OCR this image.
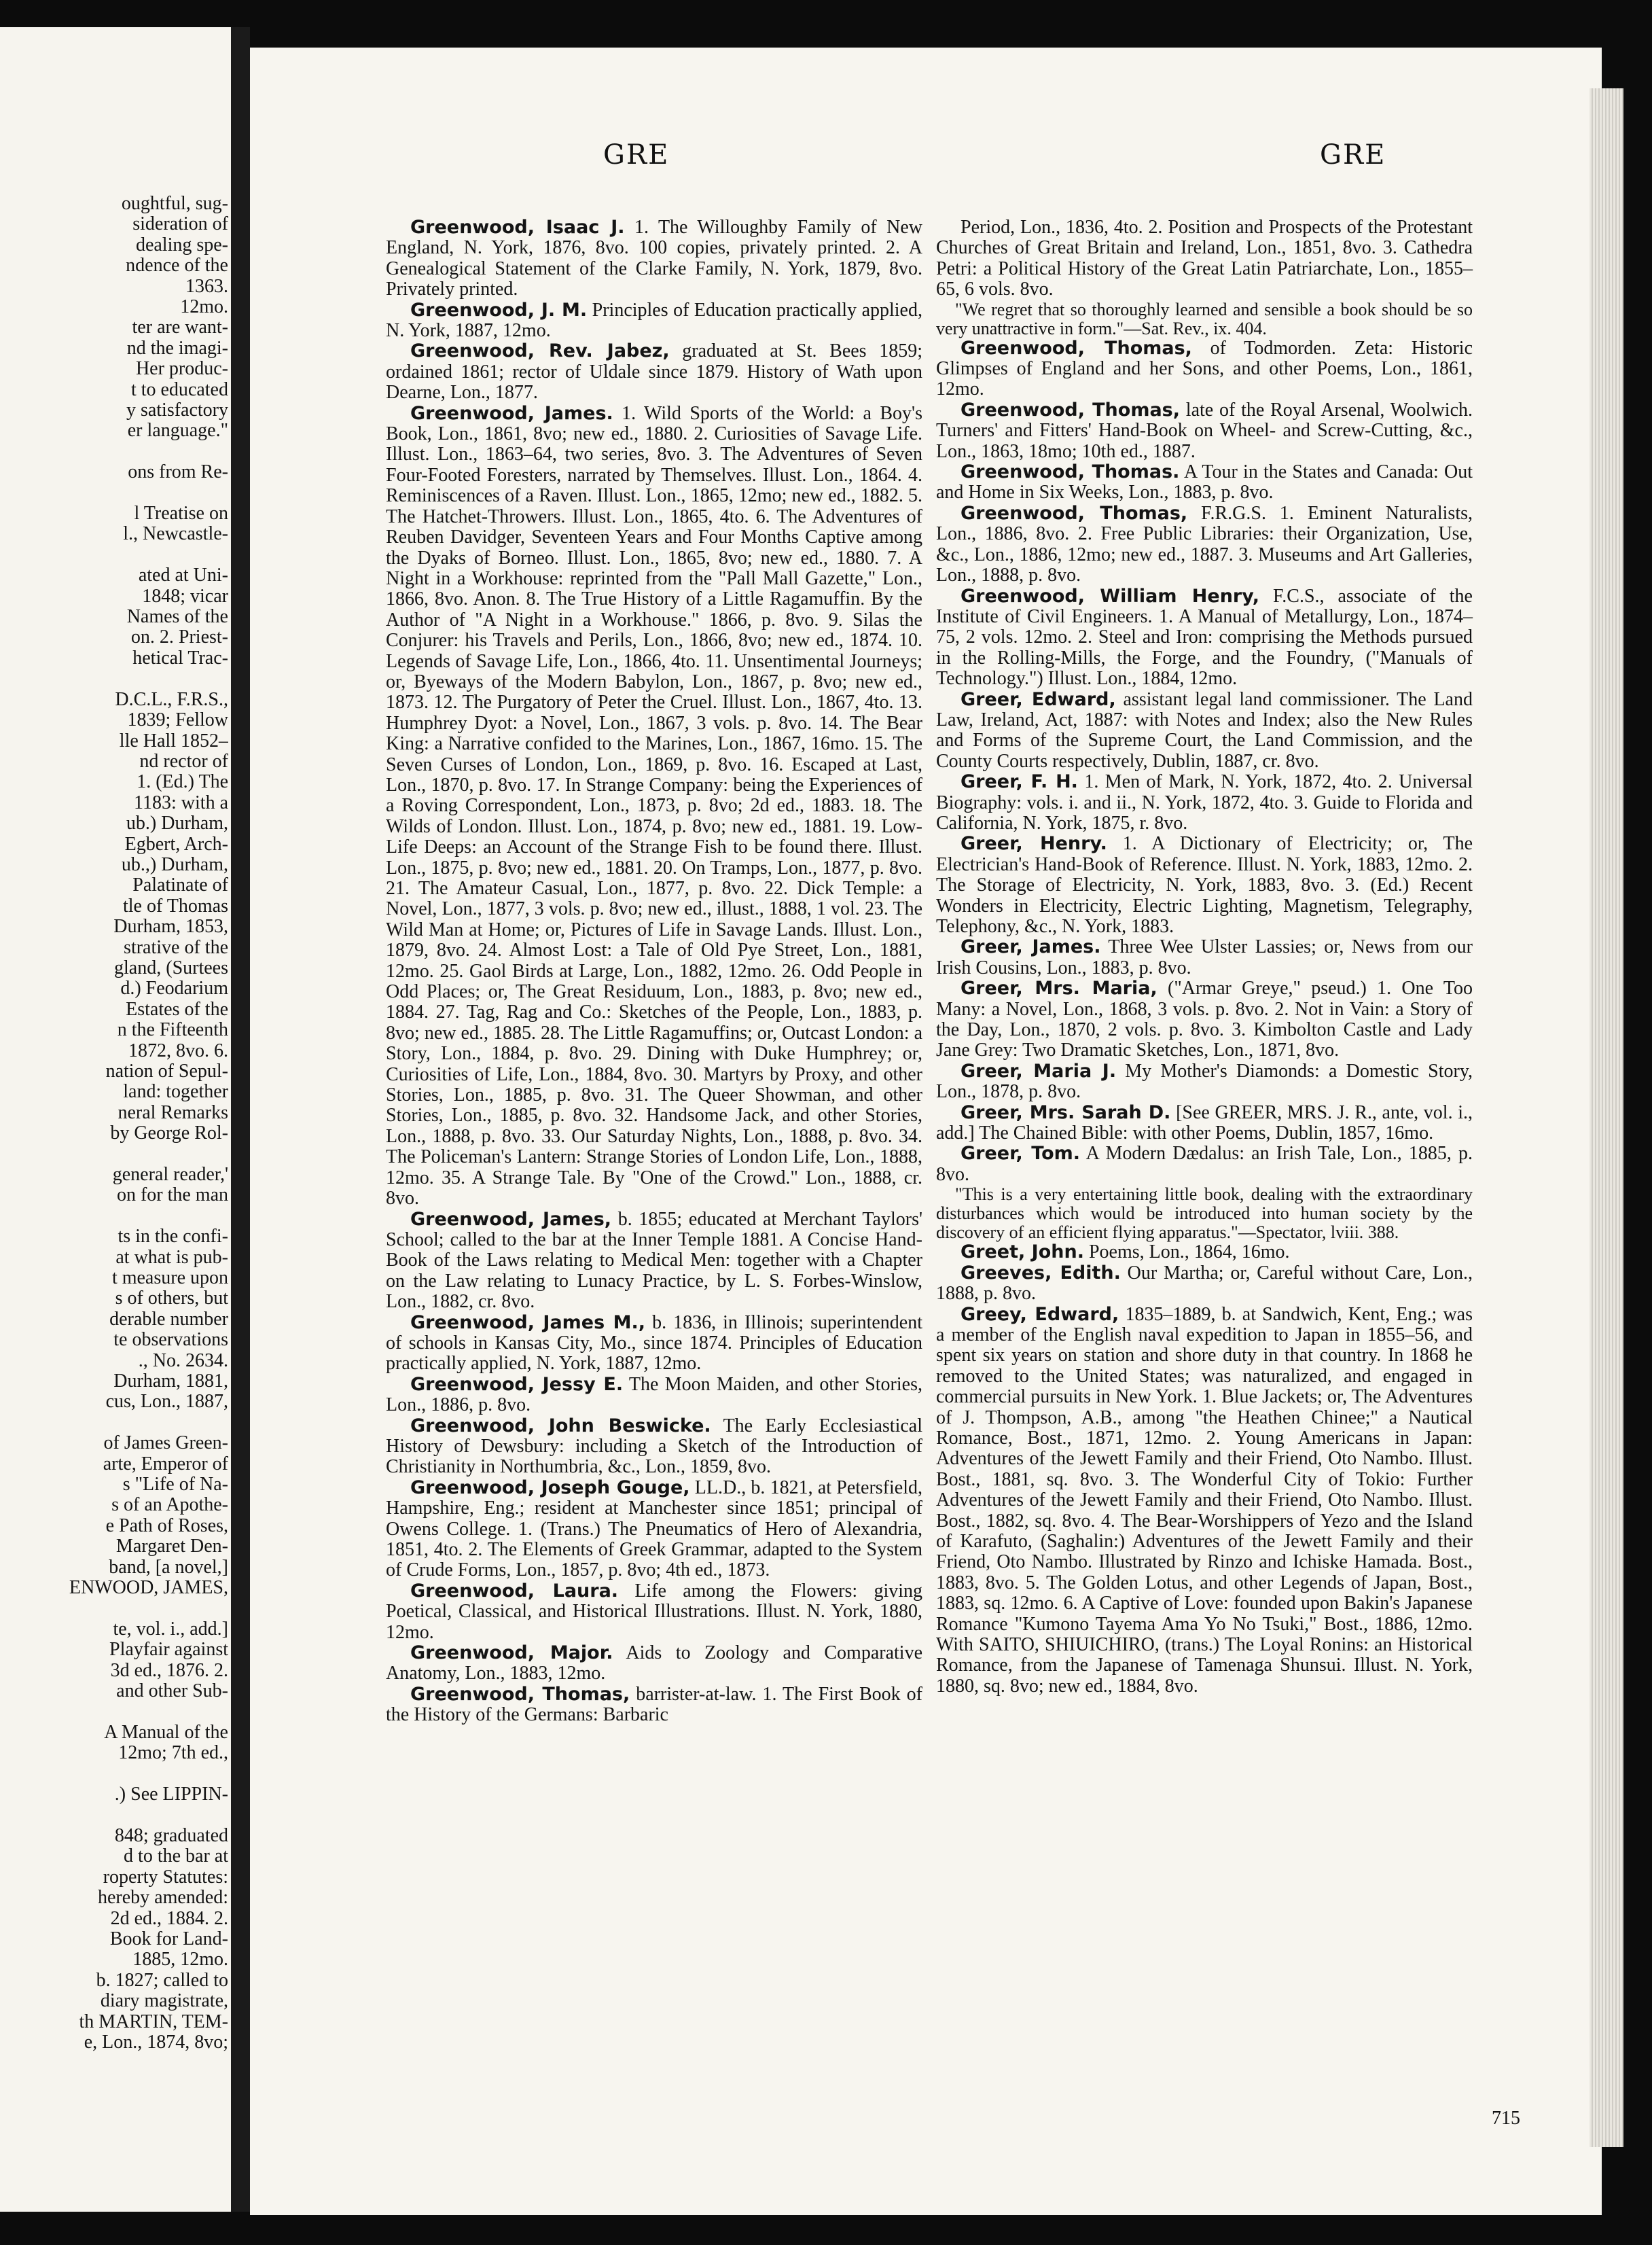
oughtful, sug-
sideration of
dealing spe-
ndence of the
1363.
12mo.
ter are want-
nd the imagi-
Her produc-
t to educated
y satisfactory
er language."
ons from Re-
l Treatise on
l., Newcastle-
ated at Uni-
1848; vicar
Names of the
on. 2. Priest-
hetical Trac-
D.C.L., F.R.S.,
1839; Fellow
lle Hall 1852–
nd rector of
1. (Ed.) The
1183: with a
ub.) Durham,
Egbert, Arch-
ub.,) Durham,
Palatinate of
tle of Thomas
Durham, 1853,
strative of the
gland, (Surtees
d.) Feodarium
Estates of the
n the Fifteenth
1872, 8vo. 6.
nation of Sepul-
land: together
neral Remarks
by George Rol-
general reader,'
on for the man
ts in the confi-
at what is pub-
t measure upon
s of others, but
derable number
te observations
., No. 2634.
Durham, 1881,
cus, Lon., 1887,
of James Green-
arte, Emperor of
s "Life of Na-
s of an Apothe-
e Path of Roses,
Margaret Den-
band, [a novel,]
ENWOOD, JAMES,
te, vol. i., add.]
Playfair against
3d ed., 1876. 2.
and other Sub-
A Manual of the
12mo; 7th ed.,
.) See LIPPIN-
848; graduated
d to the bar at
roperty Statutes:
hereby amended:
2d ed., 1884. 2.
Book for Land-
1885, 12mo.
b. 1827; called to
diary magistrate,
th MARTIN, TEM-
e, Lon., 1874, 8vo;
GRE	GRE

Greenwood, Isaac J. 1. The Willoughby Family of New England, N. York, 1876, 8vo. 100 copies, privately printed. 2. A Genealogical Statement of the Clarke Family, N. York, 1879, 8vo. Privately printed.

Greenwood, J. M. Principles of Education practically applied, N. York, 1887, 12mo.

Greenwood, Rev. Jabez, graduated at St. Bees 1859; ordained 1861; rector of Uldale since 1879. History of Wath upon Dearne, Lon., 1877.

Greenwood, James. 1. Wild Sports of the World: a Boy's Book, Lon., 1861, 8vo; new ed., 1880. 2. Curiosities of Savage Life. Illust. Lon., 1863–64, two series, 8vo. 3. The Adventures of Seven Four-Footed Foresters, narrated by Themselves. Illust. Lon., 1864. 4. Reminiscences of a Raven. Illust. Lon., 1865, 12mo; new ed., 1882. 5. The Hatchet-Throwers. Illust. Lon., 1865, 4to. 6. The Adventures of Reuben Davidger, Seventeen Years and Four Months Captive among the Dyaks of Borneo. Illust. Lon., 1865, 8vo; new ed., 1880. 7. A Night in a Workhouse: reprinted from the "Pall Mall Gazette," Lon., 1866, 8vo. Anon. 8. The True History of a Little Ragamuffin. By the Author of "A Night in a Workhouse." 1866, p. 8vo. 9. Silas the Conjurer: his Travels and Perils, Lon., 1866, 8vo; new ed., 1874. 10. Legends of Savage Life, Lon., 1866, 4to. 11. Unsentimental Journeys; or, Byeways of the Modern Babylon, Lon., 1867, p. 8vo; new ed., 1873. 12. The Purgatory of Peter the Cruel. Illust. Lon., 1867, 4to. 13. Humphrey Dyot: a Novel, Lon., 1867, 3 vols. p. 8vo. 14. The Bear King: a Narrative confided to the Marines, Lon., 1867, 16mo. 15. The Seven Curses of London, Lon., 1869, p. 8vo. 16. Escaped at Last, Lon., 1870, p. 8vo. 17. In Strange Company: being the Experiences of a Roving Correspondent, Lon., 1873, p. 8vo; 2d ed., 1883. 18. The Wilds of London. Illust. Lon., 1874, p. 8vo; new ed., 1881. 19. Low-Life Deeps: an Account of the Strange Fish to be found there. Illust. Lon., 1875, p. 8vo; new ed., 1881. 20. On Tramps, Lon., 1877, p. 8vo. 21. The Amateur Casual, Lon., 1877, p. 8vo. 22. Dick Temple: a Novel, Lon., 1877, 3 vols. p. 8vo; new ed., illust., 1888, 1 vol. 23. The Wild Man at Home; or, Pictures of Life in Savage Lands. Illust. Lon., 1879, 8vo. 24. Almost Lost: a Tale of Old Pye Street, Lon., 1881, 12mo. 25. Gaol Birds at Large, Lon., 1882, 12mo. 26. Odd People in Odd Places; or, The Great Residuum, Lon., 1883, p. 8vo; new ed., 1884. 27. Tag, Rag and Co.: Sketches of the People, Lon., 1883, p. 8vo; new ed., 1885. 28. The Little Ragamuffins; or, Outcast London: a Story, Lon., 1884, p. 8vo. 29. Dining with Duke Humphrey; or, Curiosities of Life, Lon., 1884, 8vo. 30. Martyrs by Proxy, and other Stories, Lon., 1885, p. 8vo. 31. The Queer Showman, and other Stories, Lon., 1885, p. 8vo. 32. Handsome Jack, and other Stories, Lon., 1888, p. 8vo. 33. Our Saturday Nights, Lon., 1888, p. 8vo. 34. The Policeman's Lantern: Strange Stories of London Life, Lon., 1888, 12mo. 35. A Strange Tale. By "One of the Crowd." Lon., 1888, cr. 8vo.

Greenwood, James, b. 1855; educated at Merchant Taylors' School; called to the bar at the Inner Temple 1881. A Concise Hand-Book of the Laws relating to Medical Men: together with a Chapter on the Law relating to Lunacy Practice, by L. S. Forbes-Winslow, Lon., 1882, cr. 8vo.

Greenwood, James M., b. 1836, in Illinois; superintendent of schools in Kansas City, Mo., since 1874. Principles of Education practically applied, N. York, 1887, 12mo.

Greenwood, Jessy E. The Moon Maiden, and other Stories, Lon., 1886, p. 8vo.

Greenwood, John Beswicke. The Early Ecclesiastical History of Dewsbury: including a Sketch of the Introduction of Christianity in Northumbria, &c., Lon., 1859, 8vo.

Greenwood, Joseph Gouge, LL.D., b. 1821, at Petersfield, Hampshire, Eng.; resident at Manchester since 1851; principal of Owens College. 1. (Trans.) The Pneumatics of Hero of Alexandria, 1851, 4to. 2. The Elements of Greek Grammar, adapted to the System of Crude Forms, Lon., 1857, p. 8vo; 4th ed., 1873.

Greenwood, Laura. Life among the Flowers: giving Poetical, Classical, and Historical Illustrations. Illust. N. York, 1880, 12mo.

Greenwood, Major. Aids to Zoology and Comparative Anatomy, Lon., 1883, 12mo.

Greenwood, Thomas, barrister-at-law. 1. The First Book of the History of the Germans: Barbaric

Period, Lon., 1836, 4to. 2. Position and Prospects of the Protestant Churches of Great Britain and Ireland, Lon., 1851, 8vo. 3. Cathedra Petri: a Political History of the Great Latin Patriarchate, Lon., 1855–65, 6 vols. 8vo.

"We regret that so thoroughly learned and sensible a book should be so very unattractive in form."—Sat. Rev., ix. 404.

Greenwood, Thomas, of Todmorden. Zeta: Historic Glimpses of England and her Sons, and other Poems, Lon., 1861, 12mo.

Greenwood, Thomas, late of the Royal Arsenal, Woolwich. Turners' and Fitters' Hand-Book on Wheel- and Screw-Cutting, &c., Lon., 1863, 18mo; 10th ed., 1887.

Greenwood, Thomas. A Tour in the States and Canada: Out and Home in Six Weeks, Lon., 1883, p. 8vo.

Greenwood, Thomas, F.R.G.S. 1. Eminent Naturalists, Lon., 1886, 8vo. 2. Free Public Libraries: their Organization, Use, &c., Lon., 1886, 12mo; new ed., 1887. 3. Museums and Art Galleries, Lon., 1888, p. 8vo.

Greenwood, William Henry, F.C.S., associate of the Institute of Civil Engineers. 1. A Manual of Metallurgy, Lon., 1874–75, 2 vols. 12mo. 2. Steel and Iron: comprising the Methods pursued in the Rolling-Mills, the Forge, and the Foundry, ("Manuals of Technology.") Illust. Lon., 1884, 12mo.

Greer, Edward, assistant legal land commissioner. The Land Law, Ireland, Act, 1887: with Notes and Index; also the New Rules and Forms of the Supreme Court, the Land Commission, and the County Courts respectively, Dublin, 1887, cr. 8vo.

Greer, F. H. 1. Men of Mark, N. York, 1872, 4to. 2. Universal Biography: vols. i. and ii., N. York, 1872, 4to. 3. Guide to Florida and California, N. York, 1875, r. 8vo.

Greer, Henry. 1. A Dictionary of Electricity; or, The Electrician's Hand-Book of Reference. Illust. N. York, 1883, 12mo. 2. The Storage of Electricity, N. York, 1883, 8vo. 3. (Ed.) Recent Wonders in Electricity, Electric Lighting, Magnetism, Telegraphy, Telephony, &c., N. York, 1883.

Greer, James. Three Wee Ulster Lassies; or, News from our Irish Cousins, Lon., 1883, p. 8vo.

Greer, Mrs. Maria, ("Armar Greye," pseud.) 1. One Too Many: a Novel, Lon., 1868, 3 vols. p. 8vo. 2. Not in Vain: a Story of the Day, Lon., 1870, 2 vols. p. 8vo. 3. Kimbolton Castle and Lady Jane Grey: Two Dramatic Sketches, Lon., 1871, 8vo.

Greer, Maria J. My Mother's Diamonds: a Domestic Story, Lon., 1878, p. 8vo.

Greer, Mrs. Sarah D. [See GREER, MRS. J. R., ante, vol. i., add.] The Chained Bible: with other Poems, Dublin, 1857, 16mo.

Greer, Tom. A Modern Dædalus: an Irish Tale, Lon., 1885, p. 8vo.

"This is a very entertaining little book, dealing with the extraordinary disturbances which would be introduced into human society by the discovery of an efficient flying apparatus."—Spectator, lviii. 388.

Greet, John. Poems, Lon., 1864, 16mo.

Greeves, Edith. Our Martha; or, Careful without Care, Lon., 1888, p. 8vo.

Greey, Edward, 1835–1889, b. at Sandwich, Kent, Eng.; was a member of the English naval expedition to Japan in 1855–56, and spent six years on station and shore duty in that country. In 1868 he removed to the United States; was naturalized, and engaged in commercial pursuits in New York. 1. Blue Jackets; or, The Adventures of J. Thompson, A.B., among "the Heathen Chinee;" a Nautical Romance, Bost., 1871, 12mo. 2. Young Americans in Japan: Adventures of the Jewett Family and their Friend, Oto Nambo. Illust. Bost., 1881, sq. 8vo. 3. The Wonderful City of Tokio: Further Adventures of the Jewett Family and their Friend, Oto Nambo. Illust. Bost., 1882, sq. 8vo. 4. The Bear-Worshippers of Yezo and the Island of Karafuto, (Saghalin:) Adventures of the Jewett Family and their Friend, Oto Nambo. Illustrated by Rinzo and Ichiske Hamada. Bost., 1883, 8vo. 5. The Golden Lotus, and other Legends of Japan, Bost., 1883, sq. 12mo. 6. A Captive of Love: founded upon Bakin's Japanese Romance "Kumono Tayema Ama Yo No Tsuki," Bost., 1886, 12mo. With SAITO, SHIUICHIRO, (trans.) The Loyal Ronins: an Historical Romance, from the Japanese of Tamenaga Shunsui. Illust. N. York, 1880, sq. 8vo; new ed., 1884, 8vo.

715
